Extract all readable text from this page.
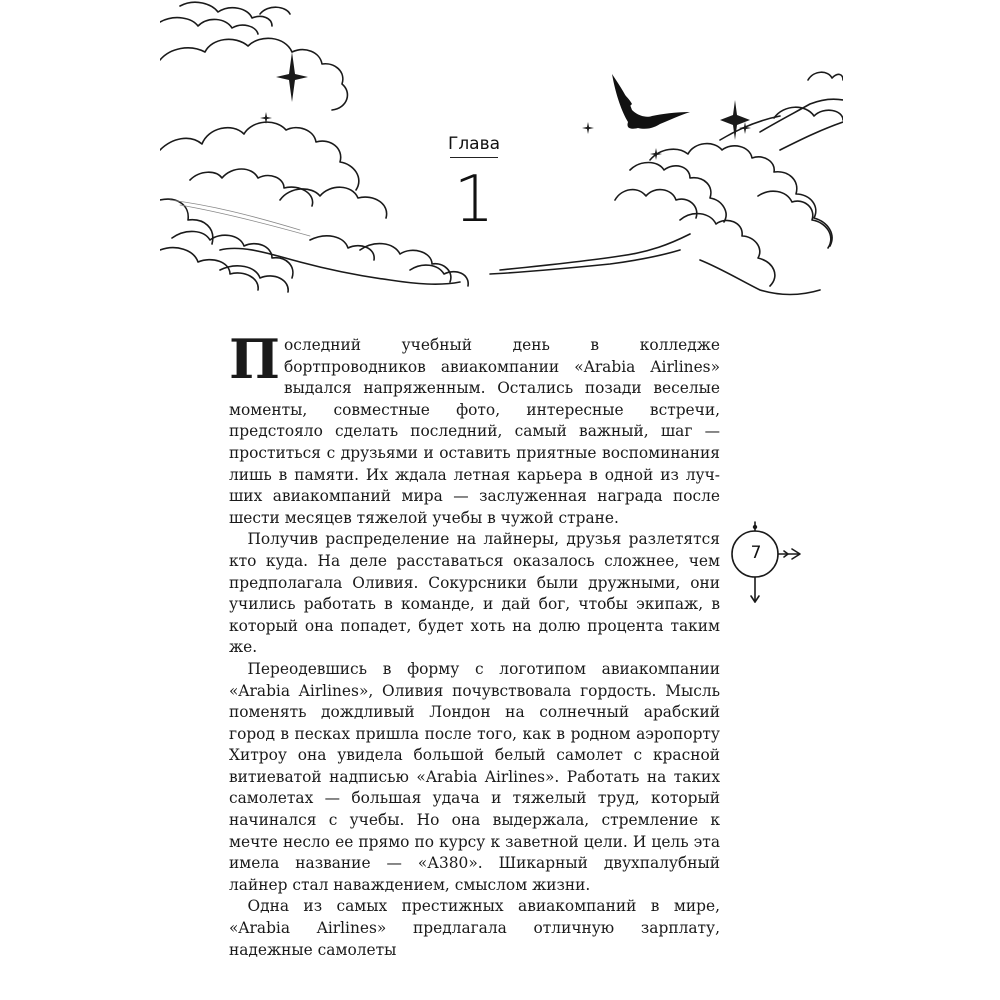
Глава
1

Последний учебный день в колледже бортпроводников авиакомпании «Arabia Airlines» выдался напряженным. Остались позади веселые моменты, совместные фото, интересные встречи, предстояло сделать последний, самый важный, шаг — проститься с друзьями и оставить приятные воспоминания лишь в памяти. Их ждала летная карьера в одной из лучших авиакомпаний мира — заслуженная награда после шести месяцев тяжелой учебы в чужой стране.

Получив распределение на лайнеры, друзья разлетятся кто куда. На деле расставаться оказалось сложнее, чем предполагала Оливия. Сокурсники были дружными, они учились работать в команде, и дай бог, чтобы экипаж, в который она попадет, будет хоть на долю процента таким же.

Переодевшись в форму с логотипом авиакомпании «Arabia Airlines», Оливия почувствовала гордость. Мысль поменять дождливый Лондон на солнечный арабский город в песках пришла после того, как в родном аэропорту Хитроу она увидела большой белый самолет с красной витиеватой надписью «Arabia Airlines». Работать на таких самолетах — большая удача и тяжелый труд, который начинался с учебы. Но она выдержала, стремление к мечте несло ее прямо по курсу к заветной цели. И цель эта имела название — «А380». Шикарный двухпалубный лайнер стал наваждением, смыслом жизни.

Одна из самых престижных авиакомпаний в мире, «Arabia Airlines» предлагала отличную зарплату, надежные самолеты

7
